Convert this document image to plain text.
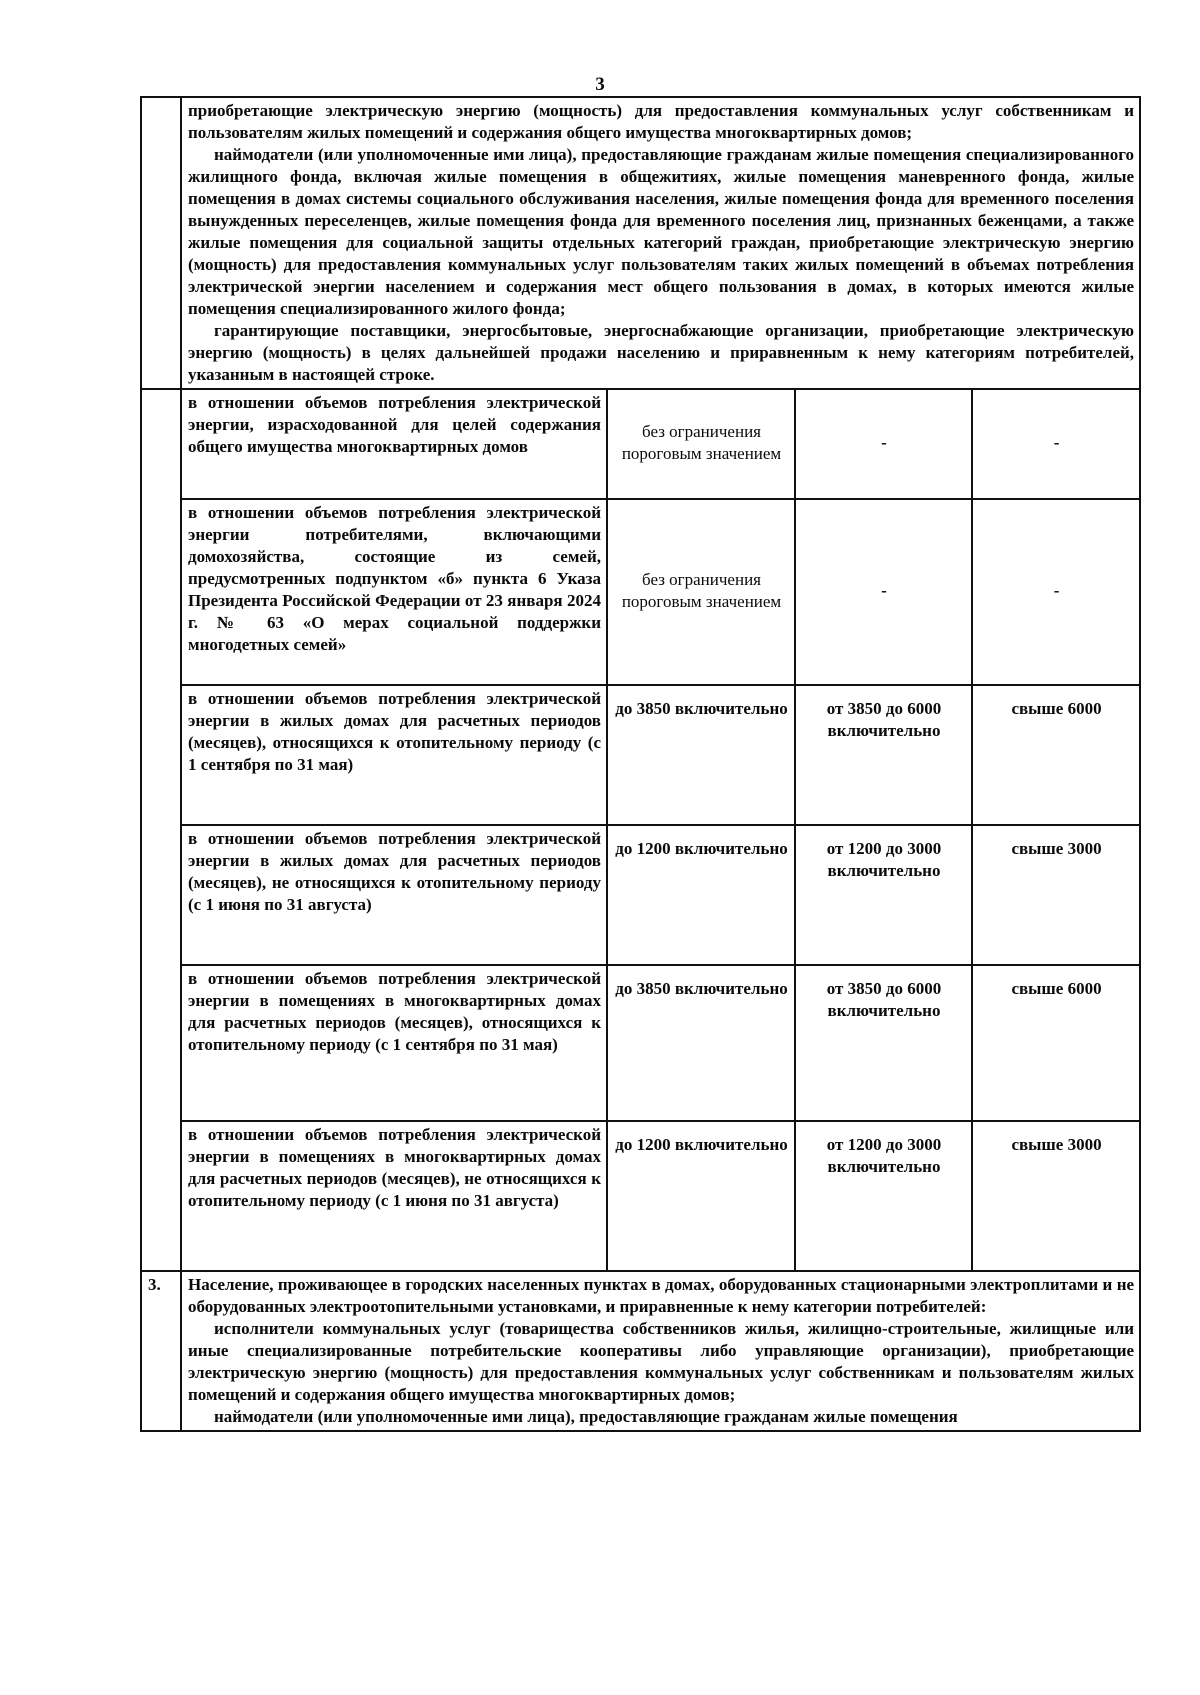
3

	приобретающие электрическую энергию (мощность) для предоставления коммунальных услуг собственникам и пользователям жилых помещений и содержания общего имущества многоквартирных домов;
наймодатели (или уполномоченные ими лица), предоставляющие гражданам жилые помещения специализированного жилищного фонда, включая жилые помещения в общежитиях, жилые помещения маневренного фонда, жилые помещения в домах системы социального обслуживания населения, жилые помещения фонда для временного поселения вынужденных переселенцев, жилые помещения фонда для временного поселения лиц, признанных беженцами, а также жилые помещения для социальной защиты отдельных категорий граждан, приобретающие электрическую энергию (мощность) для предоставления коммунальных услуг пользователям таких жилых помещений в объемах потребления электрической энергии населением и содержания мест общего пользования в домах, в которых имеются жилые помещения специализированного жилого фонда;
гарантирующие поставщики, энергосбытовые, энергоснабжающие организации, приобретающие электрическую энергию (мощность) в целях дальнейшей продажи населению и приравненным к нему категориям потребителей, указанным в настоящей строке.			

	в отношении объемов потребления электрической энергии, израсходованной для целей содержания общего имущества многоквартирных домов	без ограничения пороговым значением	-	-
	в отношении объемов потребления электрической энергии потребителями, включающими домохозяйства, состоящие из семей, предусмотренных подпунктом «б» пункта 6 Указа Президента Российской Федерации от 23 января 2024 г. № 63 «О мерах социальной поддержки многодетных семей»	без ограничения пороговым значением	-	-
	в отношении объемов потребления электрической энергии в жилых домах для расчетных периодов (месяцев), относящихся к отопительному периоду (с 1 сентября по 31 мая)	до 3850 включительно	от 3850 до 6000 включительно	свыше 6000
	в отношении объемов потребления электрической энергии в жилых домах для расчетных периодов (месяцев), не относящихся к отопительному периоду (с 1 июня по 31 августа)	до 1200 включительно	от 1200 до 3000 включительно	свыше 3000
	в отношении объемов потребления электрической энергии в помещениях в многоквартирных домах для расчетных периодов (месяцев), относящихся к отопительному периоду (с 1 сентября по 31 мая)	до 3850 включительно	от 3850 до 6000 включительно	свыше 6000
	в отношении объемов потребления электрической энергии в помещениях в многоквартирных домах для расчетных периодов (месяцев), не относящихся к отопительному периоду (с 1 июня по 31 августа)	до 1200 включительно	от 1200 до 3000 включительно	свыше 3000
3.	Население, проживающее в городских населенных пунктах в домах, оборудованных стационарными электроплитами и не оборудованных электроотопительными установками, и приравненные к нему категории потребителей:
исполнители коммунальных услуг (товарищества собственников жилья, жилищно-строительные, жилищные или иные специализированные потребительские кооперативы либо управляющие организации), приобретающие электрическую энергию (мощность) для предоставления коммунальных услуг собственникам и пользователям жилых помещений и содержания общего имущества многоквартирных домов;
наймодатели (или уполномоченные ими лица), предоставляющие гражданам жилые помещения			
